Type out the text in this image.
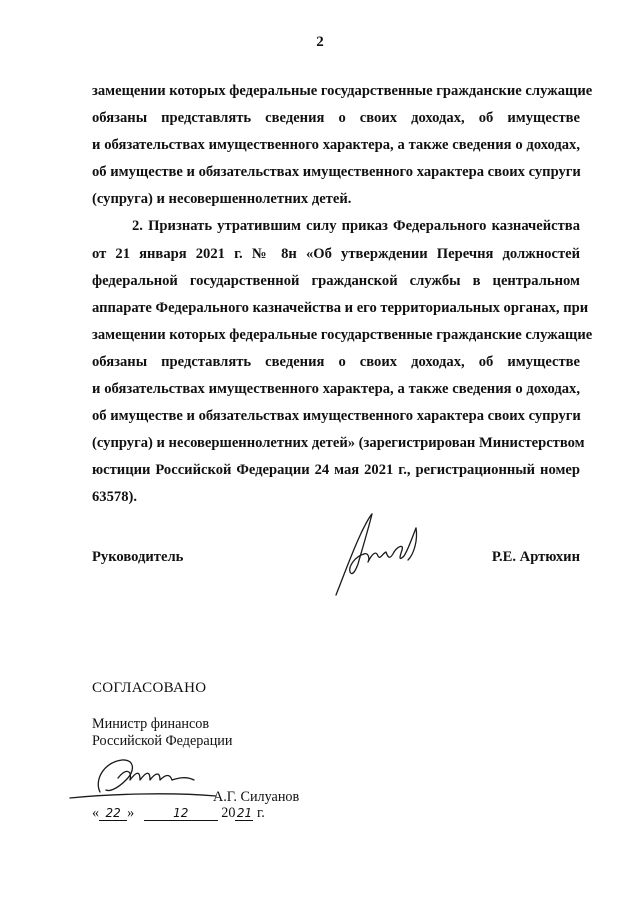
2
замещении которых федеральные государственные гражданские служащие
обязаны представлять сведения о своих доходах, об имуществе
и обязательствах имущественного характера, а также сведения о доходах,
об имуществе и обязательствах имущественного характера своих супруги
(супруга) и несовершеннолетних детей.
2. Признать утратившим силу приказ Федерального казначейства
от 21 января 2021 г. № 8н «Об утверждении Перечня должностей
федеральной государственной гражданской службы в центральном
аппарате Федерального казначейства и его территориальных органах, при
замещении которых федеральные государственные гражданские служащие
обязаны представлять сведения о своих доходах, об имуществе
и обязательствах имущественного характера, а также сведения о доходах,
об имуществе и обязательствах имущественного характера своих супруги
(супруга) и несовершеннолетних детей» (зарегистрирован Министерством
юстиции Российской Федерации 24 мая 2021 г., регистрационный номер
63578).
Руководитель	Р.Е. Артюхин
СОГЛАСОВАНО
Министр финансов
Российской Федерации
А.Г. Силуанов
« 22 »	12 2021 г.
